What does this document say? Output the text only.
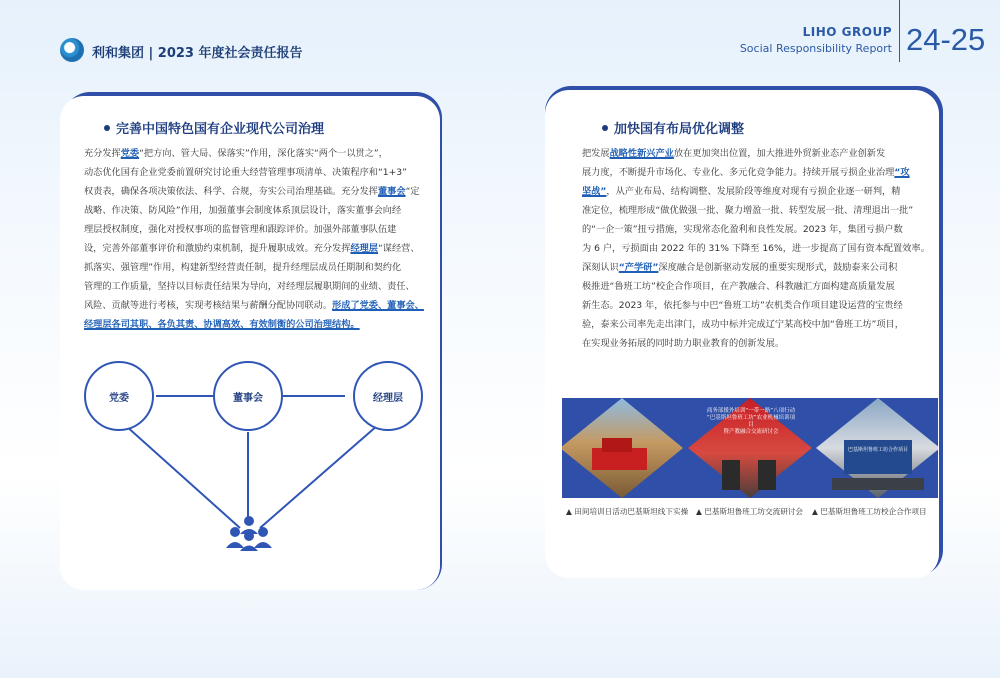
利和集团 | 2023 年度社会责任报告
LIHO GROUP
Social Responsibility Report 24-25
完善中国特色国有企业现代公司治理
充分发挥党委“把方向、管大局、保落实”作用，深化落实“两个一以贯之”，
动态优化国有企业党委前置研究讨论重大经营管理事项清单、决策程序和“1+3”
权责表，确保各项决策依法、科学、合规，夯实公司治理基础。充分发挥董事会“定
战略、作决策、防风险”作用，加强董事会制度体系顶层设计，落实董事会向经
理层授权制度，强化对授权事项的监督管理和跟踪评价。加强外部董事队伍建
设，完善外部董事评价和激励约束机制，提升履职成效。充分发挥经理层“谋经营、
抓落实、强管理”作用，构建新型经营责任制，提升经理层成员任期制和契约化
管理的工作质量，坚持以目标责任结果为导向，对经理层履职期间的业绩、责任、
风险、贡献等进行考核，实现考核结果与薪酬分配协同联动。形成了党委、董事会、
经理层各司其职、各负其责、协调高效、有效制衡的公司治理结构。
党委	董事会	经理层
加快国有布局优化调整
把发展战略性新兴产业放在更加突出位置，加大推进外贸新业态产业创新发
展力度，不断提升市场化、专业化、多元化竞争能力。持续开展亏损企业治理“攻
坚战”，从产业布局、结构调整、发展阶段等维度对现有亏损企业逐一研判，精
准定位，梳理形成“做优做强一批、聚力增盈一批、转型发展一批、清理退出一批”
的“一企一策”扭亏措施，实现常态化盈利和良性发展。2023 年，集团亏损户数
为 6 户，亏损面由 2022 年的 31% 下降至 16%，进一步提高了国有资本配置效率。
深刻认识“产学研”深度融合是创新驱动发展的重要实现形式，鼓励泰来公司积
极推进“鲁班工坊”校企合作项目，在产教融合、科教融汇方面构建高质量发展
新生态。2023 年，依托参与中巴“鲁班工坊”农机类合作项目建设运营的宝贵经
验，泰来公司率先走出津门，成功中标并完成辽宁某高校中加“鲁班工坊”项目，
在实现业务拓展的同时助力职业教育的创新发展。
商务部援外培训“一带一路”八项行动
“巴基斯坦鲁班工坊”农业机械培训项目
暨产教融合交流研讨会
巴基斯坦鲁班工坊合作项目
▲ 田间培训日活动巴基斯坦线下实操 ▲ 巴基斯坦鲁班工坊交流研讨会 ▲ 巴基斯坦鲁班工坊校企合作项目
